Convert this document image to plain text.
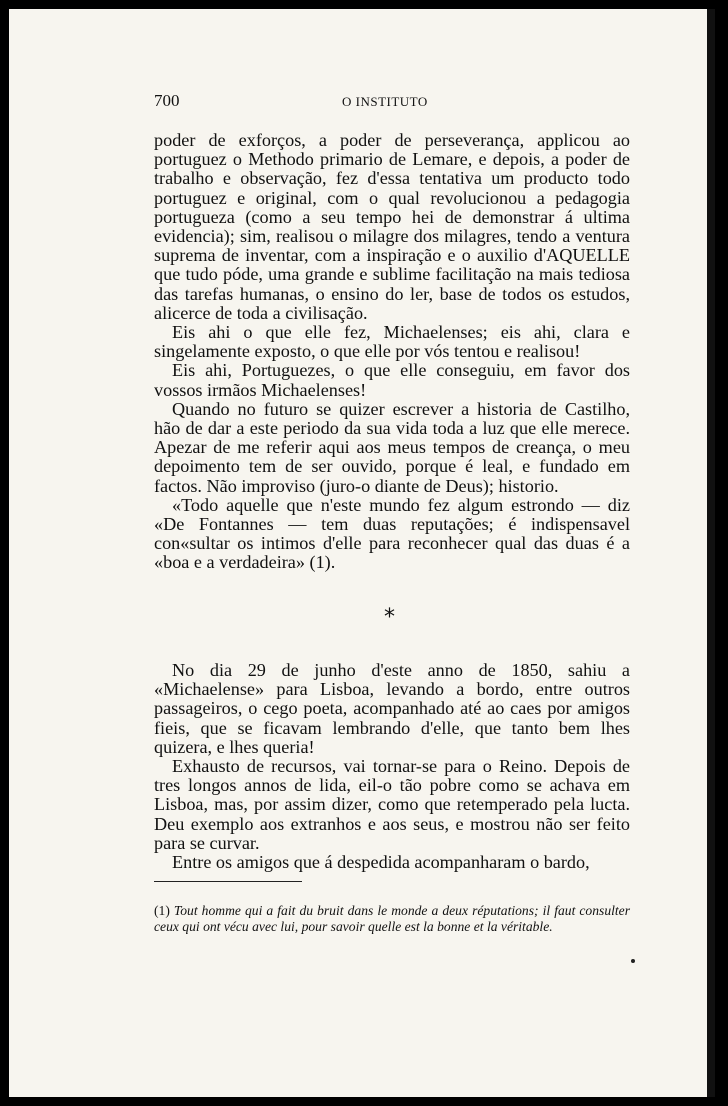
700	O INSTITUTO

poder de exforços, a poder de perseverança, applicou ao portuguez o Methodo primario de Lemare, e depois, a poder de trabalho e observação, fez d'essa tentativa um producto todo portuguez e original, com o qual revolucionou a pedagogia portugueza (como a seu tempo hei de demonstrar á ultima evidencia); sim, realisou o milagre dos milagres, tendo a ventura suprema de inventar, com a inspiração e o auxilio d'AQUELLE que tudo póde, uma grande e sublime facilitação na mais tediosa das tarefas humanas, o ensino do ler, base de todos os estudos, alicerce de toda a civilisação.

Eis ahi o que elle fez, Michaelenses; eis ahi, clara e singelamente exposto, o que elle por vós tentou e realisou!

Eis ahi, Portuguezes, o que elle conseguiu, em favor dos vossos irmãos Michaelenses!

Quando no futuro se quizer escrever a historia de Castilho, hão de dar a este periodo da sua vida toda a luz que elle merece. Apezar de me referir aqui aos meus tempos de creança, o meu depoimento tem de ser ouvido, porque é leal, e fundado em factos. Não improviso (juro-o diante de Deus); historio.

«Todo aquelle que n'este mundo fez algum estrondo — diz «De Fontannes — tem duas reputações; é indispensavel con«sultar os intimos d'elle para reconhecer qual das duas é a «boa e a verdadeira» (1).

*

No dia 29 de junho d'este anno de 1850, sahiu a «Michaelense» para Lisboa, levando a bordo, entre outros passageiros, o cego poeta, acompanhado até ao caes por amigos fieis, que se ficavam lembrando d'elle, que tanto bem lhes quizera, e lhes queria!

Exhausto de recursos, vai tornar-se para o Reino. Depois de tres longos annos de lida, eil-o tão pobre como se achava em Lisboa, mas, por assim dizer, como que retemperado pela lucta. Deu exemplo aos extranhos e aos seus, e mostrou não ser feito para se curvar.

Entre os amigos que á despedida acompanharam o bardo,

(1) Tout homme qui a fait du bruit dans le monde a deux réputations; il faut consulter ceux qui ont vécu avec lui, pour savoir quelle est la bonne et la véritable.
